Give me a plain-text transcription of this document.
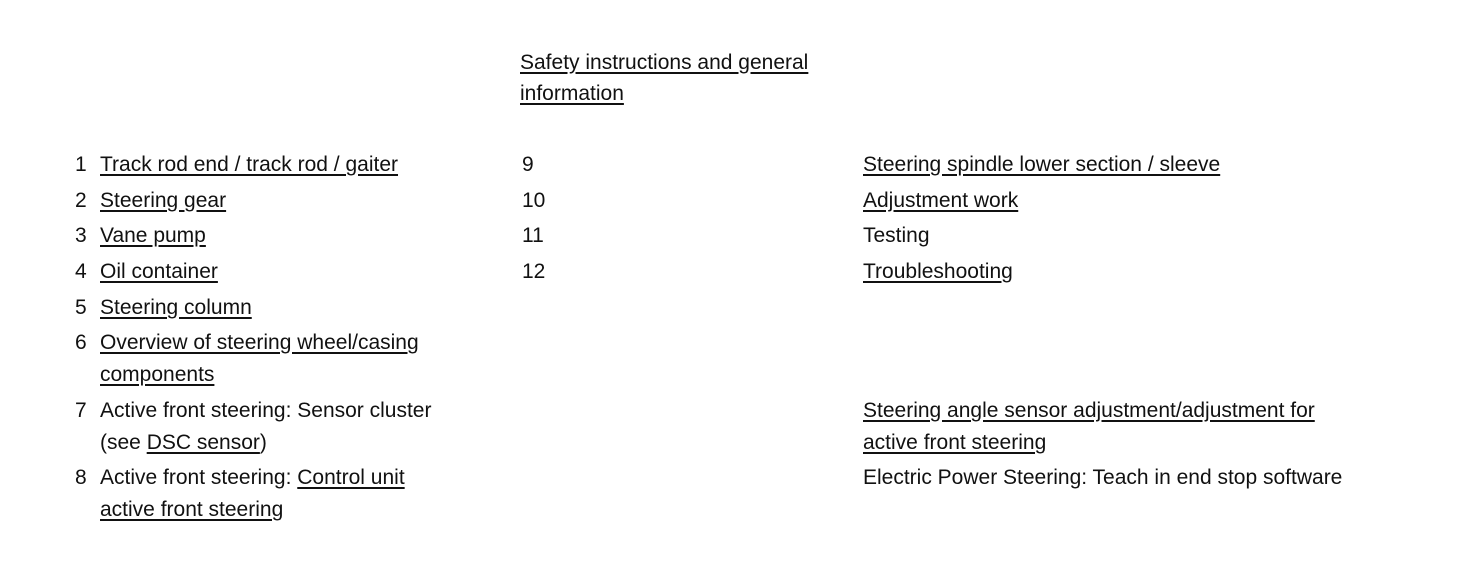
Safety instructions and general
information
1 Track rod end / track rod / gaiter
2 Steering gear
3 Vane pump
4 Oil container
5 Steering column
6 Overview of steering wheel/casing
components
7 Active front steering: Sensor cluster
(see DSC sensor)
8 Active front steering: Control unit
active front steering
9
10
11
12
Steering spindle lower section / sleeve
Adjustment work
Testing
Troubleshooting
Steering angle sensor adjustment/adjustment for
active front steering
Electric Power Steering: Teach in end stop software
